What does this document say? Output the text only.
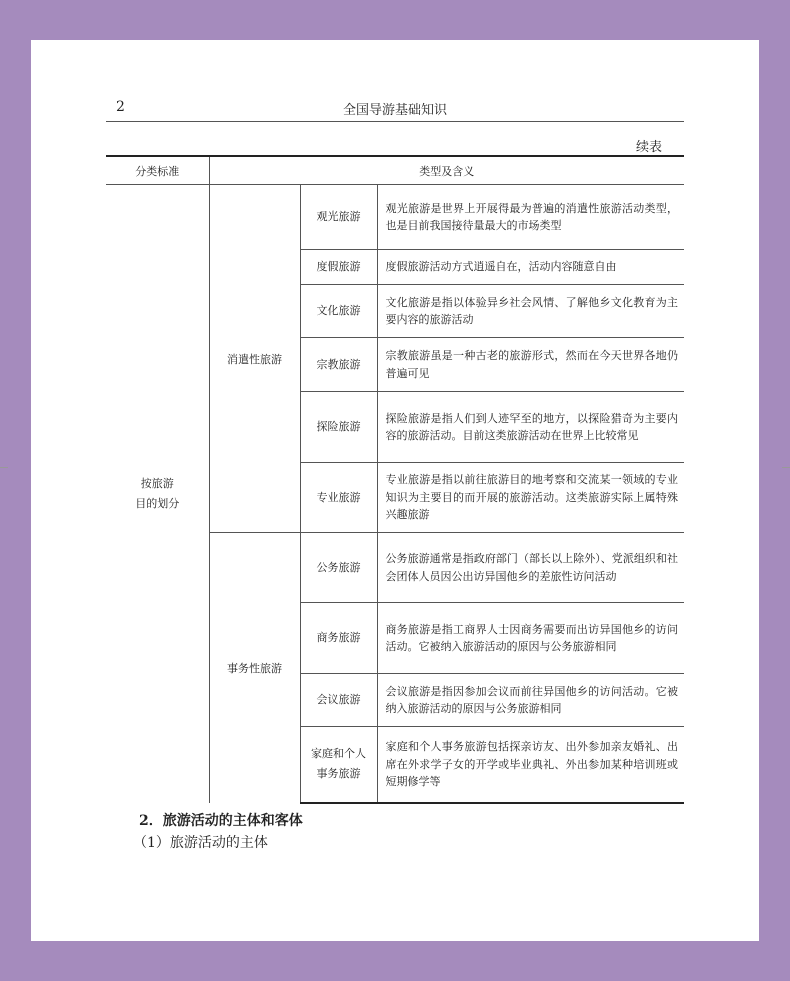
2	全国导游基础知识
续表
分类标准	类型及含义		

按旅游
目的划分	消遣性旅游	观光旅游	观光旅游是世界上开展得最为普遍的消遣性旅游活动类型，也是目前我国接待量最大的市场类型
		度假旅游	度假旅游活动方式逍遥自在，活动内容随意自由
		文化旅游	文化旅游是指以体验异乡社会风情、了解他乡文化教育为主要内容的旅游活动
		宗教旅游	宗教旅游虽是一种古老的旅游形式，然而在今天世界各地仍普遍可见
		探险旅游	探险旅游是指人们到人迹罕至的地方，以探险猎奇为主要内容的旅游活动。目前这类旅游活动在世界上比较常见
		专业旅游	专业旅游是指以前往旅游目的地考察和交流某一领域的专业知识为主要目的而开展的旅游活动。这类旅游实际上属特殊兴趣旅游
	事务性旅游	公务旅游	公务旅游通常是指政府部门（部长以上除外）、党派组织和社会团体人员因公出访异国他乡的差旅性访问活动
		商务旅游	商务旅游是指工商界人士因商务需要而出访异国他乡的访问活动。它被纳入旅游活动的原因与公务旅游相同
		会议旅游	会议旅游是指因参加会议而前往异国他乡的访问活动。它被纳入旅游活动的原因与公务旅游相同

		家庭和个人
事务旅游	家庭和个人事务旅游包括探亲访友、出外参加亲友婚礼、出席在外求学子女的开学或毕业典礼、外出参加某种培训班或短期修学等
2．旅游活动的主体和客体
（1）旅游活动的主体
